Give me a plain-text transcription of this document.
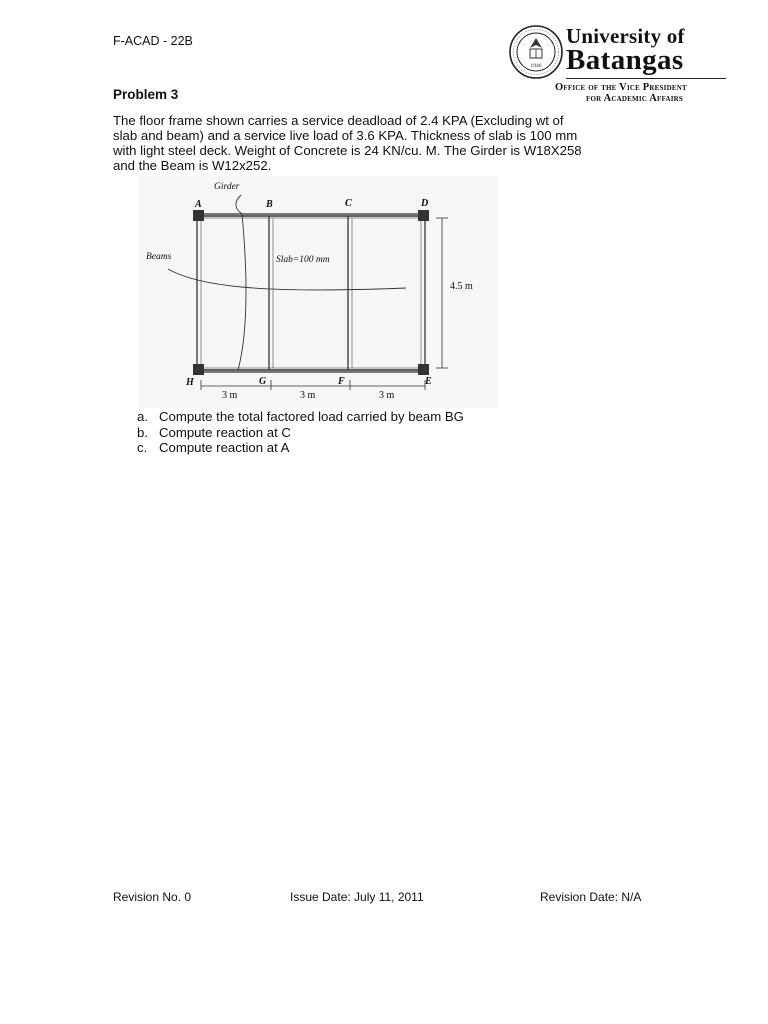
F-ACAD - 22B
1946
University of
Batangas
Office of the Vice President
for Academic Affairs
Problem 3
The floor frame shown carries a service deadload of 2.4 KPA (Excluding wt of
slab and beam) and a service live load of 3.6 KPA. Thickness of slab is 100 mm
with light steel deck. Weight of Concrete is 24 KN/cu. M. The Girder is W18X258
and the Beam is W12x252.
Girder
Beams	Slab=100 mm
4.5 m
A	B	C	D
H	G	F	E
3 m	3 m	3 m
a. Compute the total factored load carried by beam BG
b. Compute reaction at C
c. Compute reaction at A
Revision No. 0	Issue Date: July 11, 2011	Revision Date: N/A
